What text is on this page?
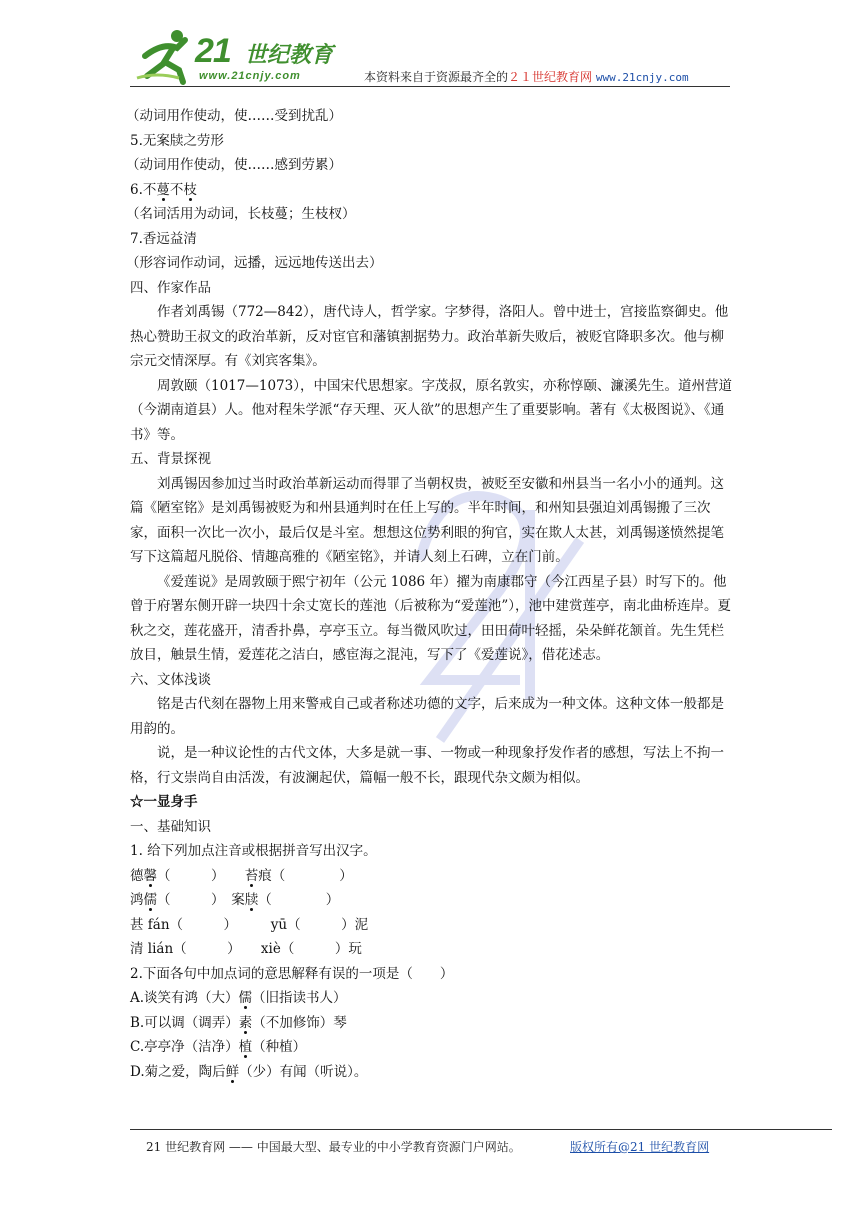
21 世纪教育
www.21cnjy.com	本资料来自于资源最齐全的２１世纪教育网 www.21cnjy.com

（动词用作使动，使……受到扰乱）

5.无案牍之劳形

（动词用作使动，使……感到劳累）

6.不蔓不枝

（名词活用为动词，长枝蔓；生枝杈）

7.香远益清

（形容词作动词，远播，远远地传送出去）

四、作家作品

作者刘禹锡（772—842），唐代诗人，哲学家。字梦得，洛阳人。曾中进士，宫接监察御史。他热心赞助王叔文的政治革新，反对宦官和藩镇割据势力。政治革新失败后，被贬官降职多次。他与柳宗元交情深厚。有《刘宾客集》。

周敦颐（1017—1073），中国宋代思想家。字茂叔，原名敦实，亦称惇颐、濂溪先生。道州营道（今湖南道县）人。他对程朱学派“存天理、灭人欲”的思想产生了重要影响。著有《太极图说》、《通书》等。

五、背景探视

刘禹锡因参加过当时政治革新运动而得罪了当朝权贵，被贬至安徽和州县当一名小小的通判。这篇《陋室铭》是刘禹锡被贬为和州县通判时在任上写的。半年时间，和州知县强迫刘禹锡搬了三次家，面积一次比一次小，最后仅是斗室。想想这位势利眼的狗官，实在欺人太甚，刘禹锡遂愤然提笔写下这篇超凡脱俗、情趣高雅的《陋室铭》，并请人刻上石碑，立在门前。

《爱莲说》是周敦颐于熙宁初年（公元 1086 年）擢为南康郡守（今江西星子县）时写下的。他曾于府署东侧开辟一块四十余丈宽长的莲池（后被称为“爱莲池”），池中建赏莲亭，南北曲桥连岸。夏秋之交，莲花盛开，清香扑鼻，亭亭玉立。每当微风吹过，田田荷叶轻摇，朵朵鲜花颔首。先生凭栏放目，触景生情，爱莲花之洁白，感宦海之混沌，写下了《爱莲说》，借花述志。

六、文体浅谈

铭是古代刻在器物上用来警戒自己或者称述功德的文字，后来成为一种文体。这种文体一般都是用韵的。

说，是一种议论性的古代文体，大多是就一事、一物或一种现象抒发作者的感想，写法上不拘一格，行文崇尚自由活泼，有波澜起伏，篇幅一般不长，跟现代杂文颇为相似。

☆一显身手

一、基础知识

1. 给下列加点注音或根据拼音写出汉字。

德馨（　　　）　　 苔痕（　　　　）

鸿儒（　　　）　 案牍（　　　　）

甚 fán（　　　）　　　	yū（　　　）泥

清 lián（　　　）　　 xiè（　　　）玩

2.下面各句中加点词的意思解释有误的一项是（　　）

A.谈笑有鸿（大）儒（旧指读书人）

B.可以调（调弄）素（不加修饰）琴

C.亭亭净（洁净）植（种植）

D.菊之爱，陶后鲜（少）有闻（听说）。

21 世纪教育网 —— 中国最大型、最专业的中小学教育资源门户网站。	版权所有@21 世纪教育网
